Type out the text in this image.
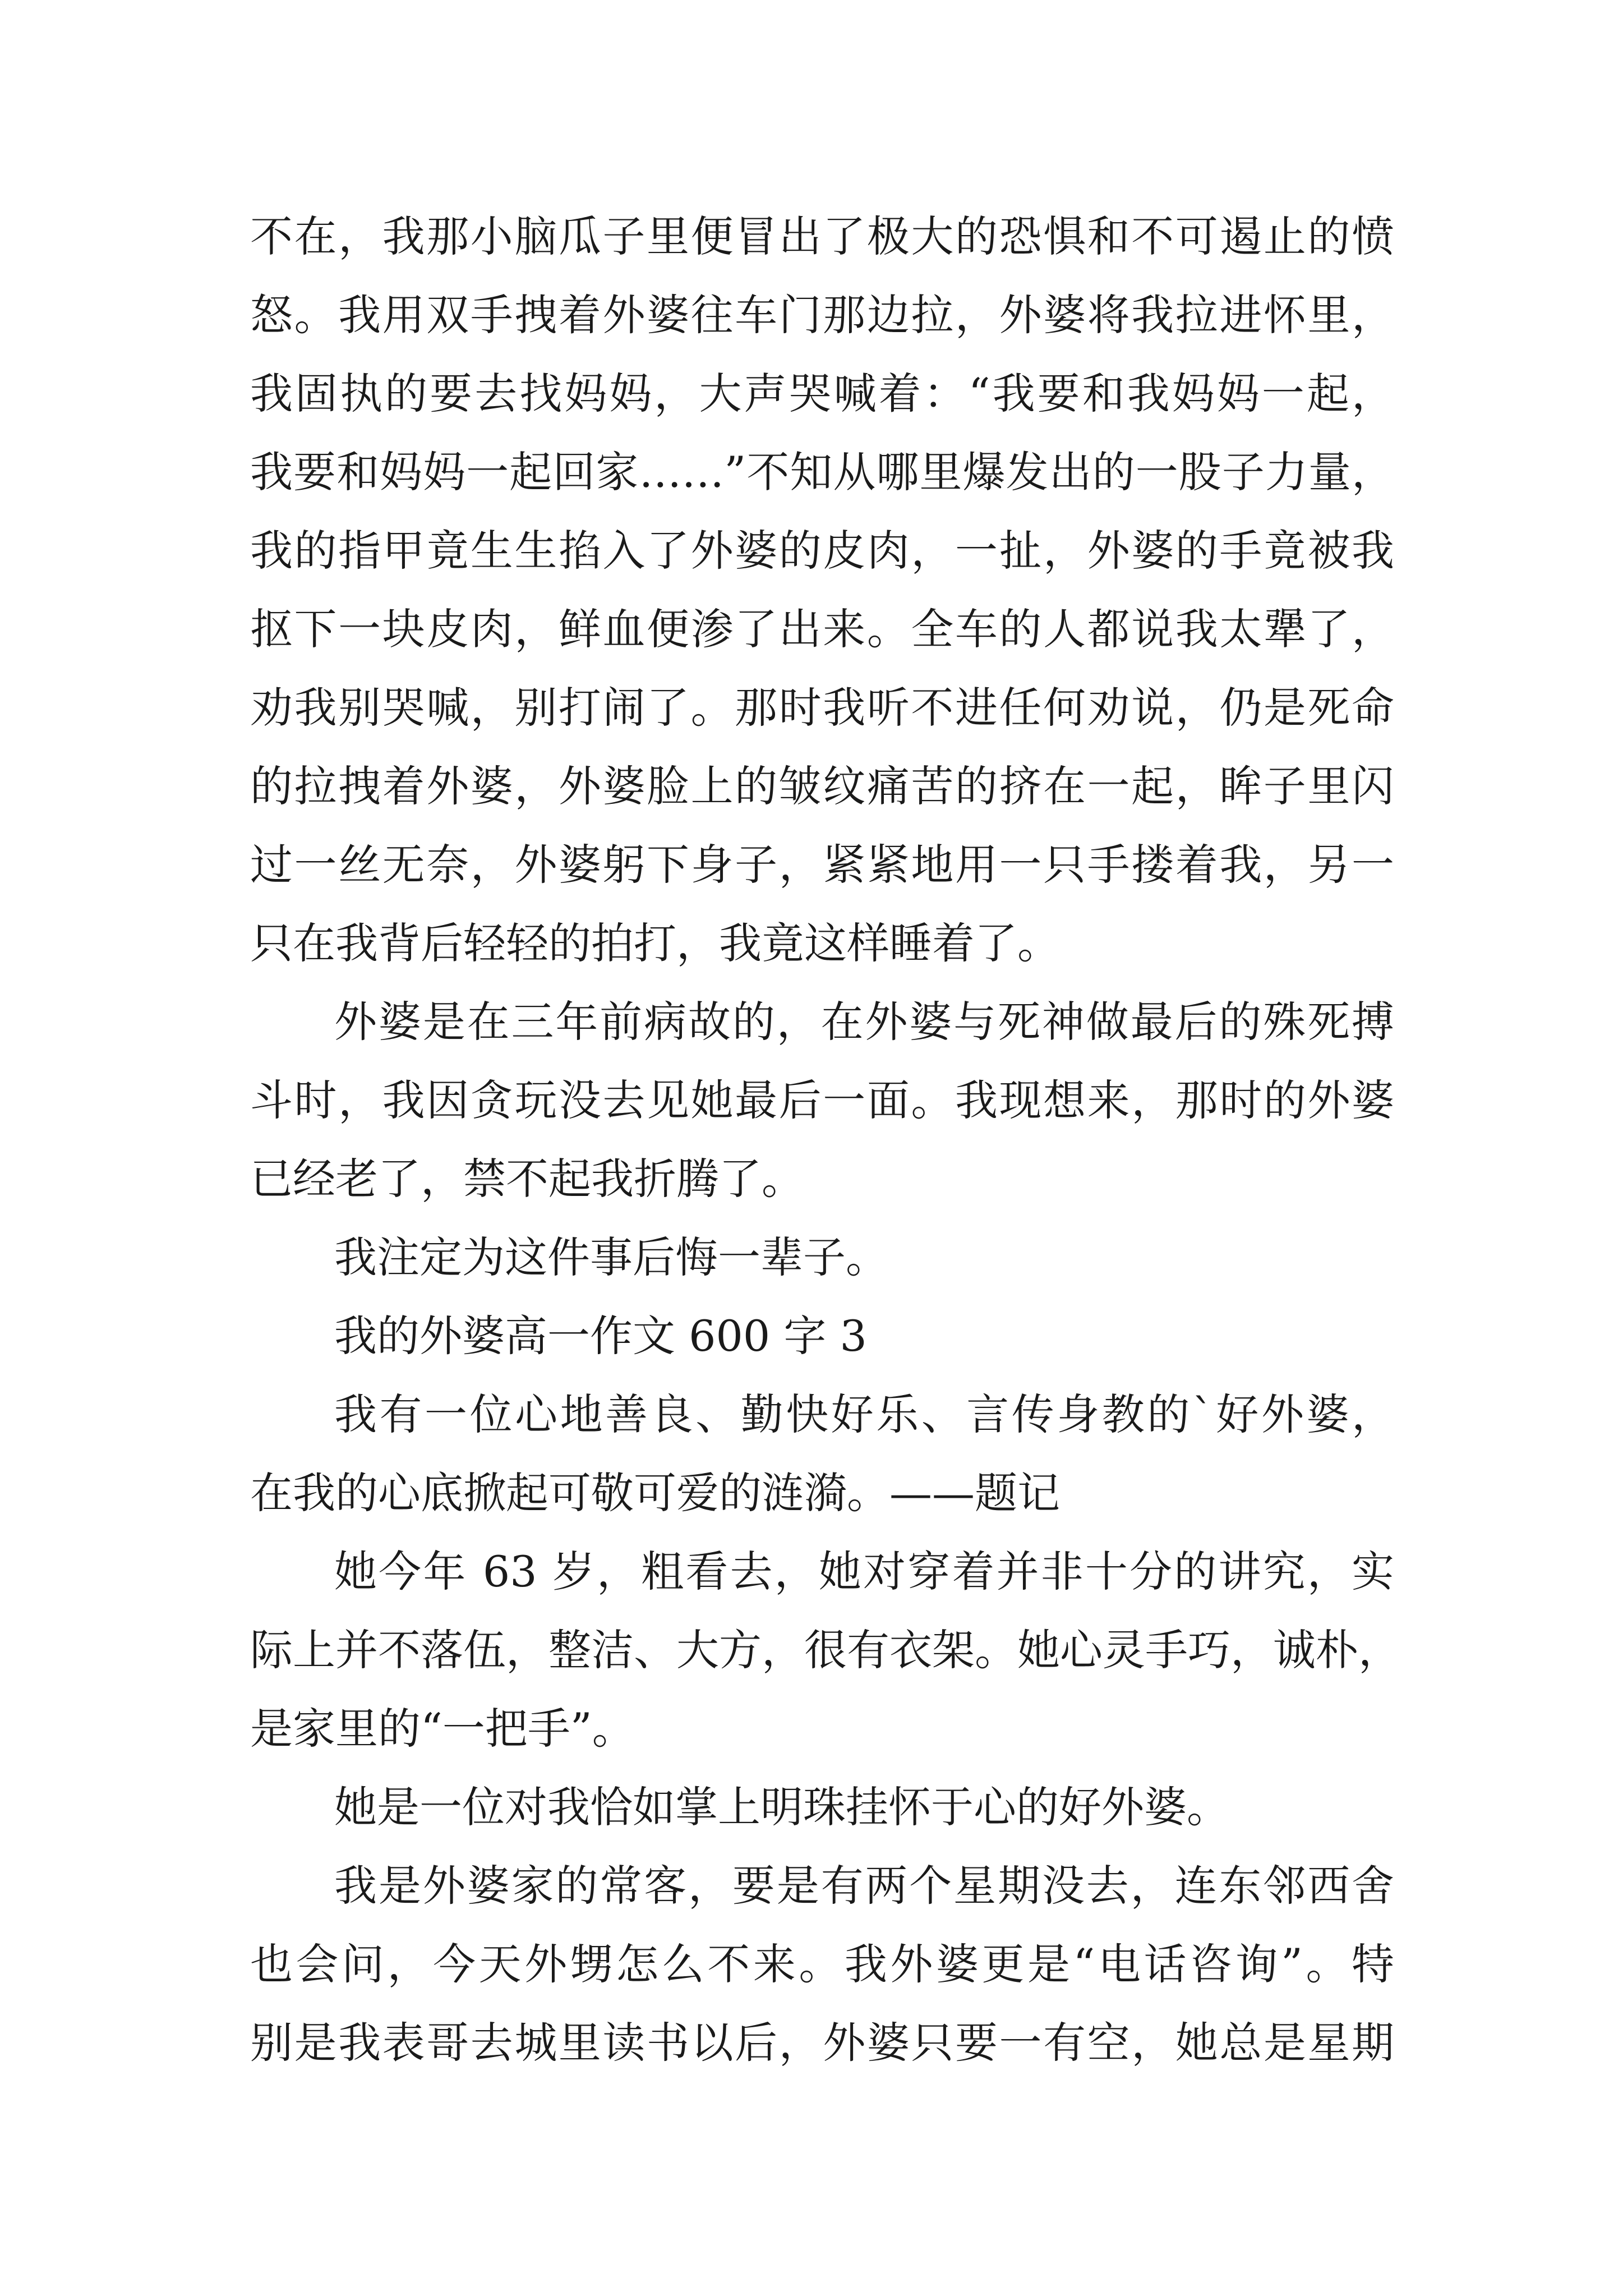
不在，我那小脑瓜子里便冒出了极大的恐惧和不可遏止的愤
怒。我用双手拽着外婆往车门那边拉，外婆将我拉进怀里，
我固执的要去找妈妈，大声哭喊着：“我要和我妈妈一起，
我要和妈妈一起回家……”不知从哪里爆发出的一股子力量，
我的指甲竟生生掐入了外婆的皮肉，一扯，外婆的手竟被我
抠下一块皮肉，鲜血便渗了出来。全车的人都说我太犟了，
劝我别哭喊，别打闹了。那时我听不进任何劝说，仍是死命
的拉拽着外婆，外婆脸上的皱纹痛苦的挤在一起，眸子里闪
过一丝无奈，外婆躬下身子，紧紧地用一只手搂着我，另一
只在我背后轻轻的拍打，我竟这样睡着了。
外婆是在三年前病故的，在外婆与死神做最后的殊死搏
斗时，我因贪玩没去见她最后一面。我现想来，那时的外婆
已经老了，禁不起我折腾了。
我注定为这件事后悔一辈子。
我的外婆高一作文 600 字 3
我有一位心地善良、勤快好乐、言传身教的`好外婆，
在我的心底掀起可敬可爱的涟漪。——题记
她今年 63 岁，粗看去，她对穿着并非十分的讲究，实
际上并不落伍，整洁、大方，很有衣架。她心灵手巧，诚朴，
是家里的“一把手”。
她是一位对我恰如掌上明珠挂怀于心的好外婆。
我是外婆家的常客，要是有两个星期没去，连东邻西舍
也会问，今天外甥怎么不来。我外婆更是“电话咨询”。特
别是我表哥去城里读书以后，外婆只要一有空，她总是星期
